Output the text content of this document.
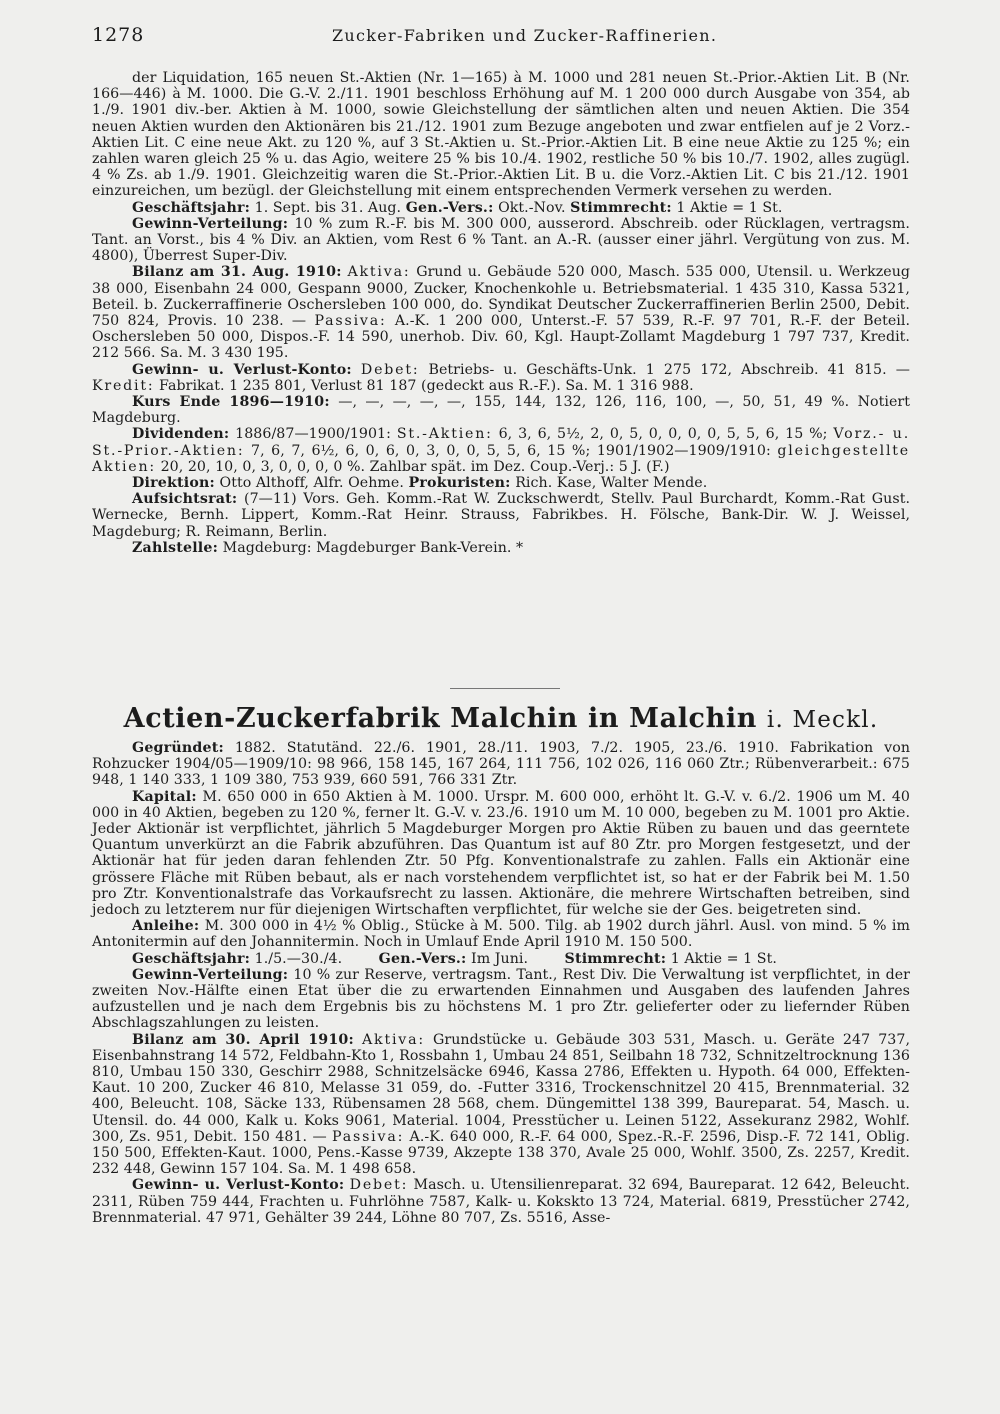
1278	Zucker-Fabriken und Zucker-Raffinerien.

der Liquidation, 165 neuen St.-Aktien (Nr. 1—165) à M. 1000 und 281 neuen St.-Prior.-Aktien Lit. B (Nr. 166—446) à M. 1000. Die G.-V. 2./11. 1901 beschloss Erhöhung auf M. 1 200 000 durch Ausgabe von 354, ab 1./9. 1901 div.-ber. Aktien à M. 1000, sowie Gleichstellung der sämtlichen alten und neuen Aktien. Die 354 neuen Aktien wurden den Aktionären bis 21./12. 1901 zum Bezuge angeboten und zwar entfielen auf je 2 Vorz.-Aktien Lit. C eine neue Akt. zu 120 %, auf 3 St.-Aktien u. St.-Prior.-Aktien Lit. B eine neue Aktie zu 125 %; ein zahlen waren gleich 25 % u. das Agio, weitere 25 % bis 10./4. 1902, restliche 50 % bis 10./7. 1902, alles zugügl. 4 % Zs. ab 1./9. 1901. Gleichzeitig waren die St.-Prior.-Aktien Lit. B u. die Vorz.-Aktien Lit. C bis 21./12. 1901 einzureichen, um bezügl. der Gleichstellung mit einem entsprechenden Vermerk versehen zu werden.

Geschäftsjahr: 1. Sept. bis 31. Aug. Gen.-Vers.: Okt.-Nov. Stimmrecht: 1 Aktie = 1 St.

Gewinn-Verteilung: 10 % zum R.-F. bis M. 300 000, ausserord. Abschreib. oder Rücklagen, vertragsm. Tant. an Vorst., bis 4 % Div. an Aktien, vom Rest 6 % Tant. an A.-R. (ausser einer jährl. Vergütung von zus. M. 4800), Überrest Super-Div.

Bilanz am 31. Aug. 1910: Aktiva: Grund u. Gebäude 520 000, Masch. 535 000, Utensil. u. Werkzeug 38 000, Eisenbahn 24 000, Gespann 9000, Zucker, Knochenkohle u. Betriebsmaterial. 1 435 310, Kassa 5321, Beteil. b. Zuckerraffinerie Oschersleben 100 000, do. Syndikat Deutscher Zuckerraffinerien Berlin 2500, Debit. 750 824, Provis. 10 238. — Passiva: A.-K. 1 200 000, Unterst.-F. 57 539, R.-F. 97 701, R.-F. der Beteil. Oschersleben 50 000, Dispos.-F. 14 590, unerhob. Div. 60, Kgl. Haupt-Zollamt Magdeburg 1 797 737, Kredit. 212 566. Sa. M. 3 430 195.

Gewinn- u. Verlust-Konto: Debet: Betriebs- u. Geschäfts-Unk. 1 275 172, Abschreib. 41 815. — Kredit: Fabrikat. 1 235 801, Verlust 81 187 (gedeckt aus R.-F.). Sa. M. 1 316 988.

Kurs Ende 1896—1910: —, —, —, —, —, 155, 144, 132, 126, 116, 100, —, 50, 51, 49 %. Notiert Magdeburg.

Dividenden: 1886/87—1900/1901: St.-Aktien: 6, 3, 6, 5½, 2, 0, 5, 0, 0, 0, 0, 5, 5, 6, 15 %; Vorz.- u. St.-Prior.-Aktien: 7, 6, 7, 6½, 6, 0, 6, 0, 3, 0, 0, 5, 5, 6, 15 %; 1901/1902—1909/1910: gleichgestellte Aktien: 20, 20, 10, 0, 3, 0, 0, 0, 0 %. Zahlbar spät. im Dez. Coup.-Verj.: 5 J. (F.)

Direktion: Otto Althoff, Alfr. Oehme. Prokuristen: Rich. Kase, Walter Mende.

Aufsichtsrat: (7—11) Vors. Geh. Komm.-Rat W. Zuckschwerdt, Stellv. Paul Burchardt, Komm.-Rat Gust. Wernecke, Bernh. Lippert, Komm.-Rat Heinr. Strauss, Fabrikbes. H. Fölsche, Bank-Dir. W. J. Weissel, Magdeburg; R. Reimann, Berlin.

Zahlstelle: Magdeburg: Magdeburger Bank-Verein. *

Actien-Zuckerfabrik Malchin in Malchin i. Meckl.

Gegründet: 1882. Statutänd. 22./6. 1901, 28./11. 1903, 7./2. 1905, 23./6. 1910. Fabrikation von Rohzucker 1904/05—1909/10: 98 966, 158 145, 167 264, 111 756, 102 026, 116 060 Ztr.; Rübenverarbeit.: 675 948, 1 140 333, 1 109 380, 753 939, 660 591, 766 331 Ztr.

Kapital: M. 650 000 in 650 Aktien à M. 1000. Urspr. M. 600 000, erhöht lt. G.-V. v. 6./2. 1906 um M. 40 000 in 40 Aktien, begeben zu 120 %, ferner lt. G.-V. v. 23./6. 1910 um M. 10 000, begeben zu M. 1001 pro Aktie. Jeder Aktionär ist verpflichtet, jährlich 5 Magdeburger Morgen pro Aktie Rüben zu bauen und das geerntete Quantum unverkürzt an die Fabrik abzuführen. Das Quantum ist auf 80 Ztr. pro Morgen festgesetzt, und der Aktionär hat für jeden daran fehlenden Ztr. 50 Pfg. Konventionalstrafe zu zahlen. Falls ein Aktionär eine grössere Fläche mit Rüben bebaut, als er nach vorstehendem verpflichtet ist, so hat er der Fabrik bei M. 1.50 pro Ztr. Konventionalstrafe das Vorkaufsrecht zu lassen. Aktionäre, die mehrere Wirtschaften betreiben, sind jedoch zu letzterem nur für diejenigen Wirtschaften verpflichtet, für welche sie der Ges. beigetreten sind.

Anleihe: M. 300 000 in 4½ % Oblig., Stücke à M. 500. Tilg. ab 1902 durch jährl. Ausl. von mind. 5 % im Antonitermin auf den Johannitermin. Noch in Umlauf Ende April 1910 M. 150 500.

Geschäftsjahr: 1./5.—30./4.	Gen.-Vers.: Im Juni.	Stimmrecht: 1 Aktie = 1 St.

Gewinn-Verteilung: 10 % zur Reserve, vertragsm. Tant., Rest Div. Die Verwaltung ist verpflichtet, in der zweiten Nov.-Hälfte einen Etat über die zu erwartenden Einnahmen und Ausgaben des laufenden Jahres aufzustellen und je nach dem Ergebnis bis zu höchstens M. 1 pro Ztr. gelieferter oder zu liefernder Rüben Abschlagszahlungen zu leisten.

Bilanz am 30. April 1910: Aktiva: Grundstücke u. Gebäude 303 531, Masch. u. Geräte 247 737, Eisenbahnstrang 14 572, Feldbahn-Kto 1, Rossbahn 1, Umbau 24 851, Seilbahn 18 732, Schnitzeltrocknung 136 810, Umbau 150 330, Geschirr 2988, Schnitzelsäcke 6946, Kassa 2786, Effekten u. Hypoth. 64 000, Effekten-Kaut. 10 200, Zucker 46 810, Melasse 31 059, do. -Futter 3316, Trockenschnitzel 20 415, Brennmaterial. 32 400, Beleucht. 108, Säcke 133, Rübensamen 28 568, chem. Düngemittel 138 399, Baureparat. 54, Masch. u. Utensil. do. 44 000, Kalk u. Koks 9061, Material. 1004, Presstücher u. Leinen 5122, Assekuranz 2982, Wohlf. 300, Zs. 951, Debit. 150 481. — Passiva: A.-K. 640 000, R.-F. 64 000, Spez.-R.-F. 2596, Disp.-F. 72 141, Oblig. 150 500, Effekten-Kaut. 1000, Pens.-Kasse 9739, Akzepte 138 370, Avale 25 000, Wohlf. 3500, Zs. 2257, Kredit. 232 448, Gewinn 157 104. Sa. M. 1 498 658.

Gewinn- u. Verlust-Konto: Debet: Masch. u. Utensilienreparat. 32 694, Baureparat. 12 642, Beleucht. 2311, Rüben 759 444, Frachten u. Fuhrlöhne 7587, Kalk- u. Kokskto 13 724, Material. 6819, Presstücher 2742, Brennmaterial. 47 971, Gehälter 39 244, Löhne 80 707, Zs. 5516, Asse-
